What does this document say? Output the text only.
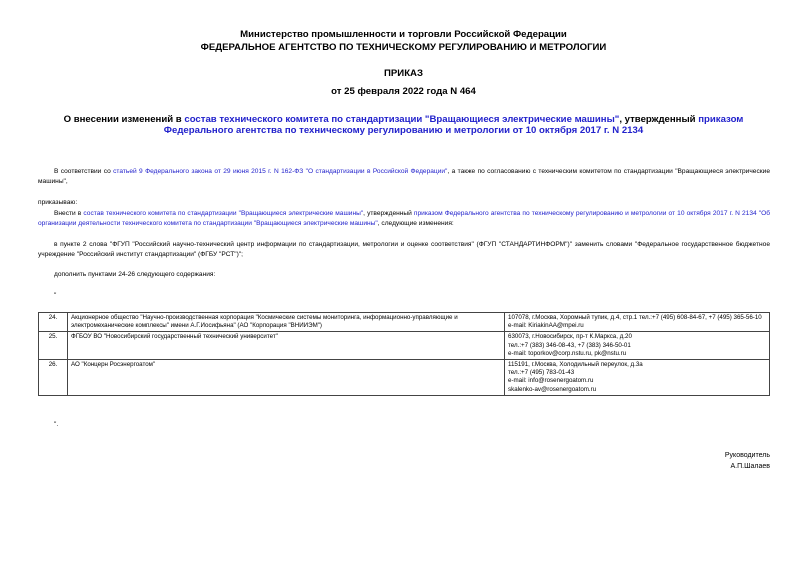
Министерство промышленности и торговли Российской Федерации
ФЕДЕРАЛЬНОЕ АГЕНТСТВО ПО ТЕХНИЧЕСКОМУ РЕГУЛИРОВАНИЮ И МЕТРОЛОГИИ
ПРИКАЗ
от 25 февраля 2022 года N 464
О внесении изменений в состав технического комитета по стандартизации "Вращающиеся электрические машины", утвержденный приказом Федерального агентства по техническому регулированию и метрологии от 10 октября 2017 г. N 2134
В соответствии со статьей 9 Федерального закона от 29 июня 2015 г. N 162-ФЗ "О стандартизации в Российской Федерации", а также по согласованию с техническим комитетом по стандартизации "Вращающиеся электрические машины",
приказываю:
Внести в состав технического комитета по стандартизации "Вращающиеся электрические машины", утвержденный приказом Федерального агентства по техническому регулированию и метрологии от 10 октября 2017 г. N 2134 "Об организации деятельности технического комитета по стандартизации "Вращающиеся электрические машины", следующие изменения:
в пункте 2 слова "ФГУП "Российский научно-технический центр информации по стандартизации, метрологии и оценке соответствия" (ФГУП "СТАНДАРТИНФОРМ")" заменить словами "Федеральное государственное бюджетное учреждение "Российский институт стандартизации" (ФГБУ "РСТ")";
дополнить пунктами 24-26 следующего содержания:
"
24.	Акционерное общество "Научно-производственная корпорация "Космические системы мониторинга, информационно-управляющие и электромеханические комплексы" имени А.Г.Иосифьяна" (АО "Корпорация "ВНИИЭМ")	107078, г.Москва, Хоромный тупик, д.4, стр.1 тел.:+7 (495) 608-84-67, +7 (495) 365-56-10
e-mail: KiriakinAA@mpei.ru

25.	ФГБОУ ВО "Новосибирский государственный технический университет"	630073, г.Новосибирск, пр-т К.Маркса, д.20
тел.:+7 (383) 346-08-43, +7 (383) 346-50-01
e-mail: toporkov@corp.nstu.ru, pk@nstu.ru

26.	АО "Концерн Росэнергоатом"	115191, г.Москва, Холодильный переулок, д.3а
тел.:+7 (495) 783-01-43
e-mail: info@rosenergoatom.ru
skalenko-av@rosenergoatom.ru
".
Руководитель
А.П.Шалаев
